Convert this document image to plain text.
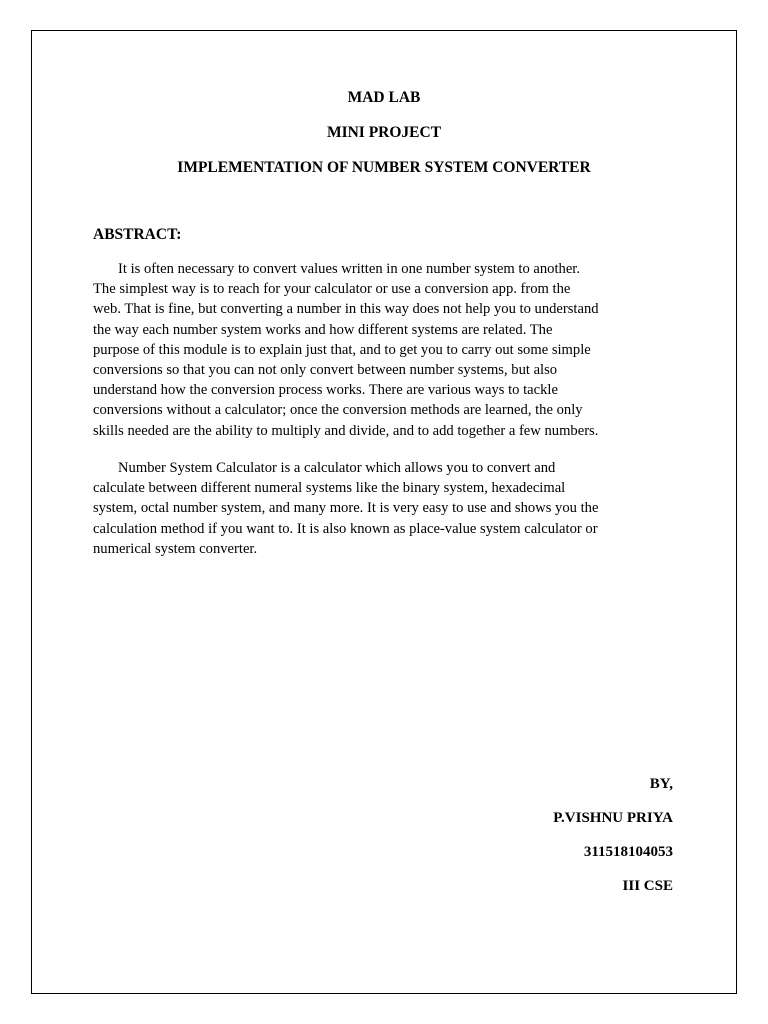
MAD LAB
MINI PROJECT
IMPLEMENTATION OF NUMBER SYSTEM CONVERTER
ABSTRACT:

It is often necessary to convert values written in one number system to another.
The simplest way is to reach for your calculator or use a conversion app. from the
web. That is fine, but converting a number in this way does not help you to understand
the way each number system works and how different systems are related. The
purpose of this module is to explain just that, and to get you to carry out some simple
conversions so that you can not only convert between number systems, but also
understand how the conversion process works. There are various ways to tackle
conversions without a calculator; once the conversion methods are learned, the only
skills needed are the ability to multiply and divide, and to add together a few numbers.

Number System Calculator is a calculator which allows you to convert and
calculate between different numeral systems like the binary system, hexadecimal
system, octal number system, and many more. It is very easy to use and shows you the
calculation method if you want to. It is also known as place-value system calculator or
numerical system converter.

BY,
P.VISHNU PRIYA
311518104053
III CSE
